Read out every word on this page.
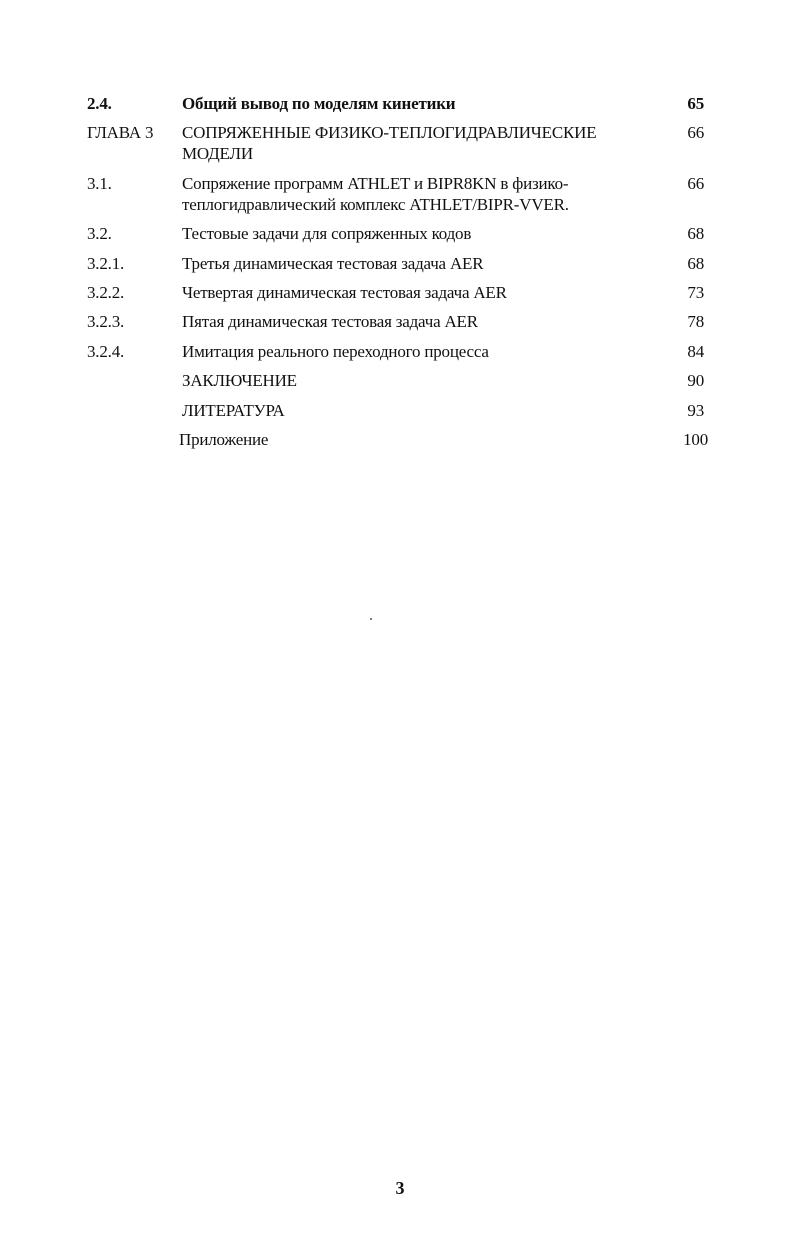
2.4.	Общий вывод по моделям кинетики	65
ГЛАВА 3	СОПРЯЖЕННЫЕ ФИЗИКО-ТЕПЛОГИДРАВЛИЧЕСКИЕ
МОДЕЛИ
66
3.1.	Сопряжение программ ATHLET и BIPR8KN в физико-
теплогидравлический комплекс ATHLET/BIPR-VVER.
66
3.2.	Тестовые задачи для сопряженных кодов	68
3.2.1.	Третья динамическая тестовая задача AER	68
3.2.2.	Четвертая динамическая тестовая задача AER	73
3.2.3.	Пятая динамическая тестовая задача AER	78
3.2.4.	Имитация реального переходного процесса	84
ЗАКЛЮЧЕНИЕ	90
ЛИТЕРАТУРА	93
Приложение	100
3
